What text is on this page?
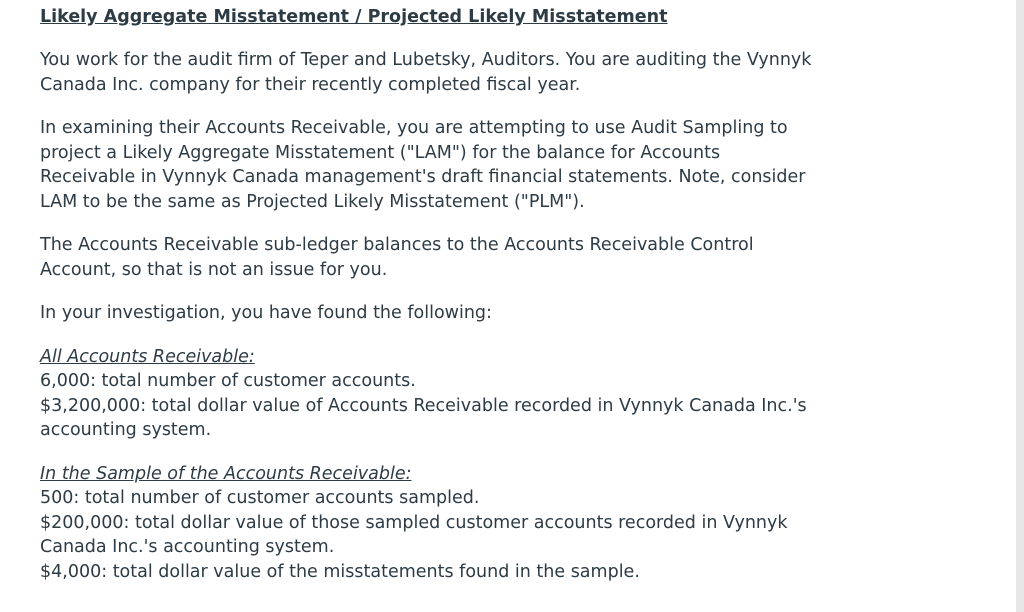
Likely Aggregate Misstatement / Projected Likely Misstatement

You work for the audit firm of Teper and Lubetsky, Auditors. You are auditing the Vynnyk Canada Inc. company for their recently completed fiscal year.

In examining their Accounts Receivable, you are attempting to use Audit Sampling to project a Likely Aggregate Misstatement ("LAM") for the balance for Accounts Receivable in Vynnyk Canada management's draft financial statements. Note, consider LAM to be the same as Projected Likely Misstatement ("PLM").

The Accounts Receivable sub-ledger balances to the Accounts Receivable Control Account, so that is not an issue for you.

In your investigation, you have found the following:

All Accounts Receivable:
6,000: total number of customer accounts.
$3,200,000: total dollar value of Accounts Receivable recorded in Vynnyk Canada Inc.'s accounting system.

In the Sample of the Accounts Receivable:
500: total number of customer accounts sampled.
$200,000: total dollar value of those sampled customer accounts recorded in Vynnyk Canada Inc.'s accounting system.
$4,000: total dollar value of the misstatements found in the sample.
